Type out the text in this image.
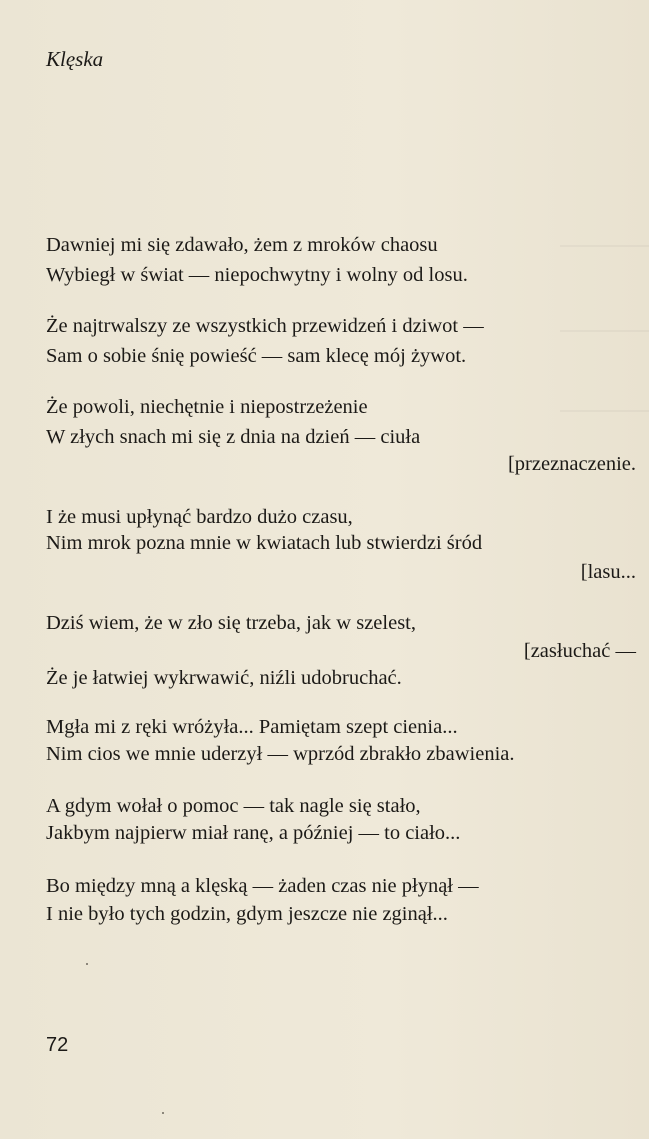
Klęska
Dawniej mi się zdawało, żem z mroków chaosu
Wybiegł w świat — niepochwytny i wolny od losu.
Że najtrwalszy ze wszystkich przewidzeń i dziwot —
Sam o sobie śnię powieść — sam klecę mój żywot.
Że powoli, niechętnie i niepostrzeżenie
W złych snach mi się z dnia na dzień — ciuła
[przeznaczenie.
I że musi upłynąć bardzo dużo czasu,
Nim mrok pozna mnie w kwiatach lub stwierdzi śród
[lasu...
Dziś wiem, że w zło się trzeba, jak w szelest,
[zasłuchać —
Że je łatwiej wykrwawić, niźli udobruchać.
Mgła mi z ręki wróżyła... Pamiętam szept cienia...
Nim cios we mnie uderzył — wprzód zbrakło zbawienia.
A gdym wołał o pomoc — tak nagle się stało,
Jakbym najpierw miał ranę, a później — to ciało...
Bo między mną a klęską — żaden czas nie płynął —
I nie było tych godzin, gdym jeszcze nie zginął...
72
